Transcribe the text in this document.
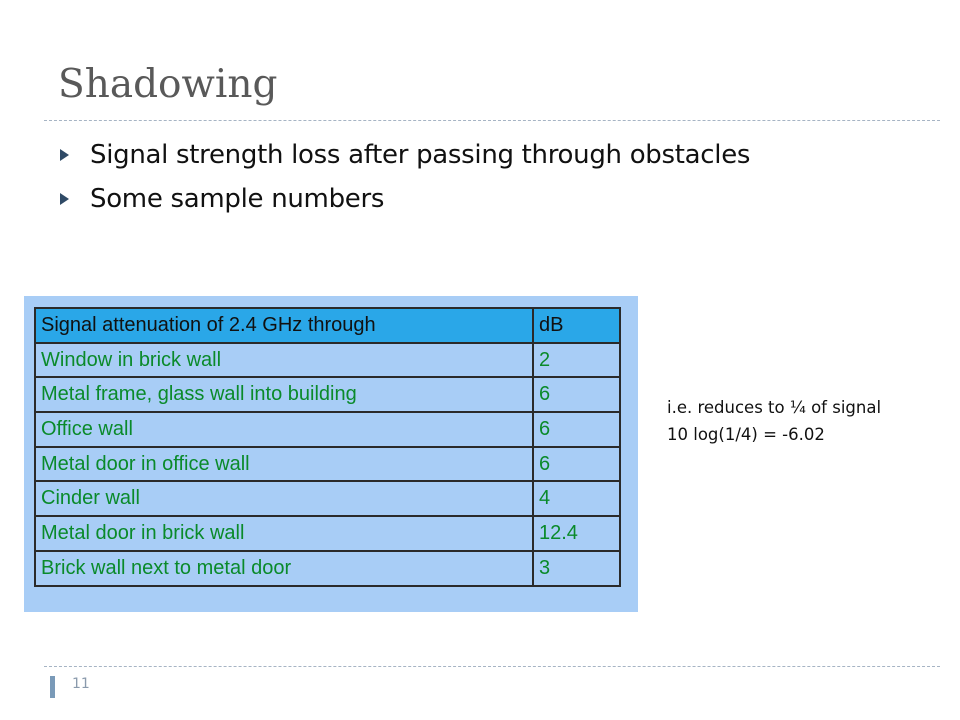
Shadowing
Signal strength loss after passing through obstacles
Some sample numbers
Signal attenuation of 2.4 GHz through	dB
Window in brick wall	2
Metal frame, glass wall into building	6
Office wall	6
Metal door in office wall	6
Cinder wall	4
Metal door in brick wall	12.4
Brick wall next to metal door	3
i.e. reduces to ¼ of signal
10 log(1/4) = -6.02
11
